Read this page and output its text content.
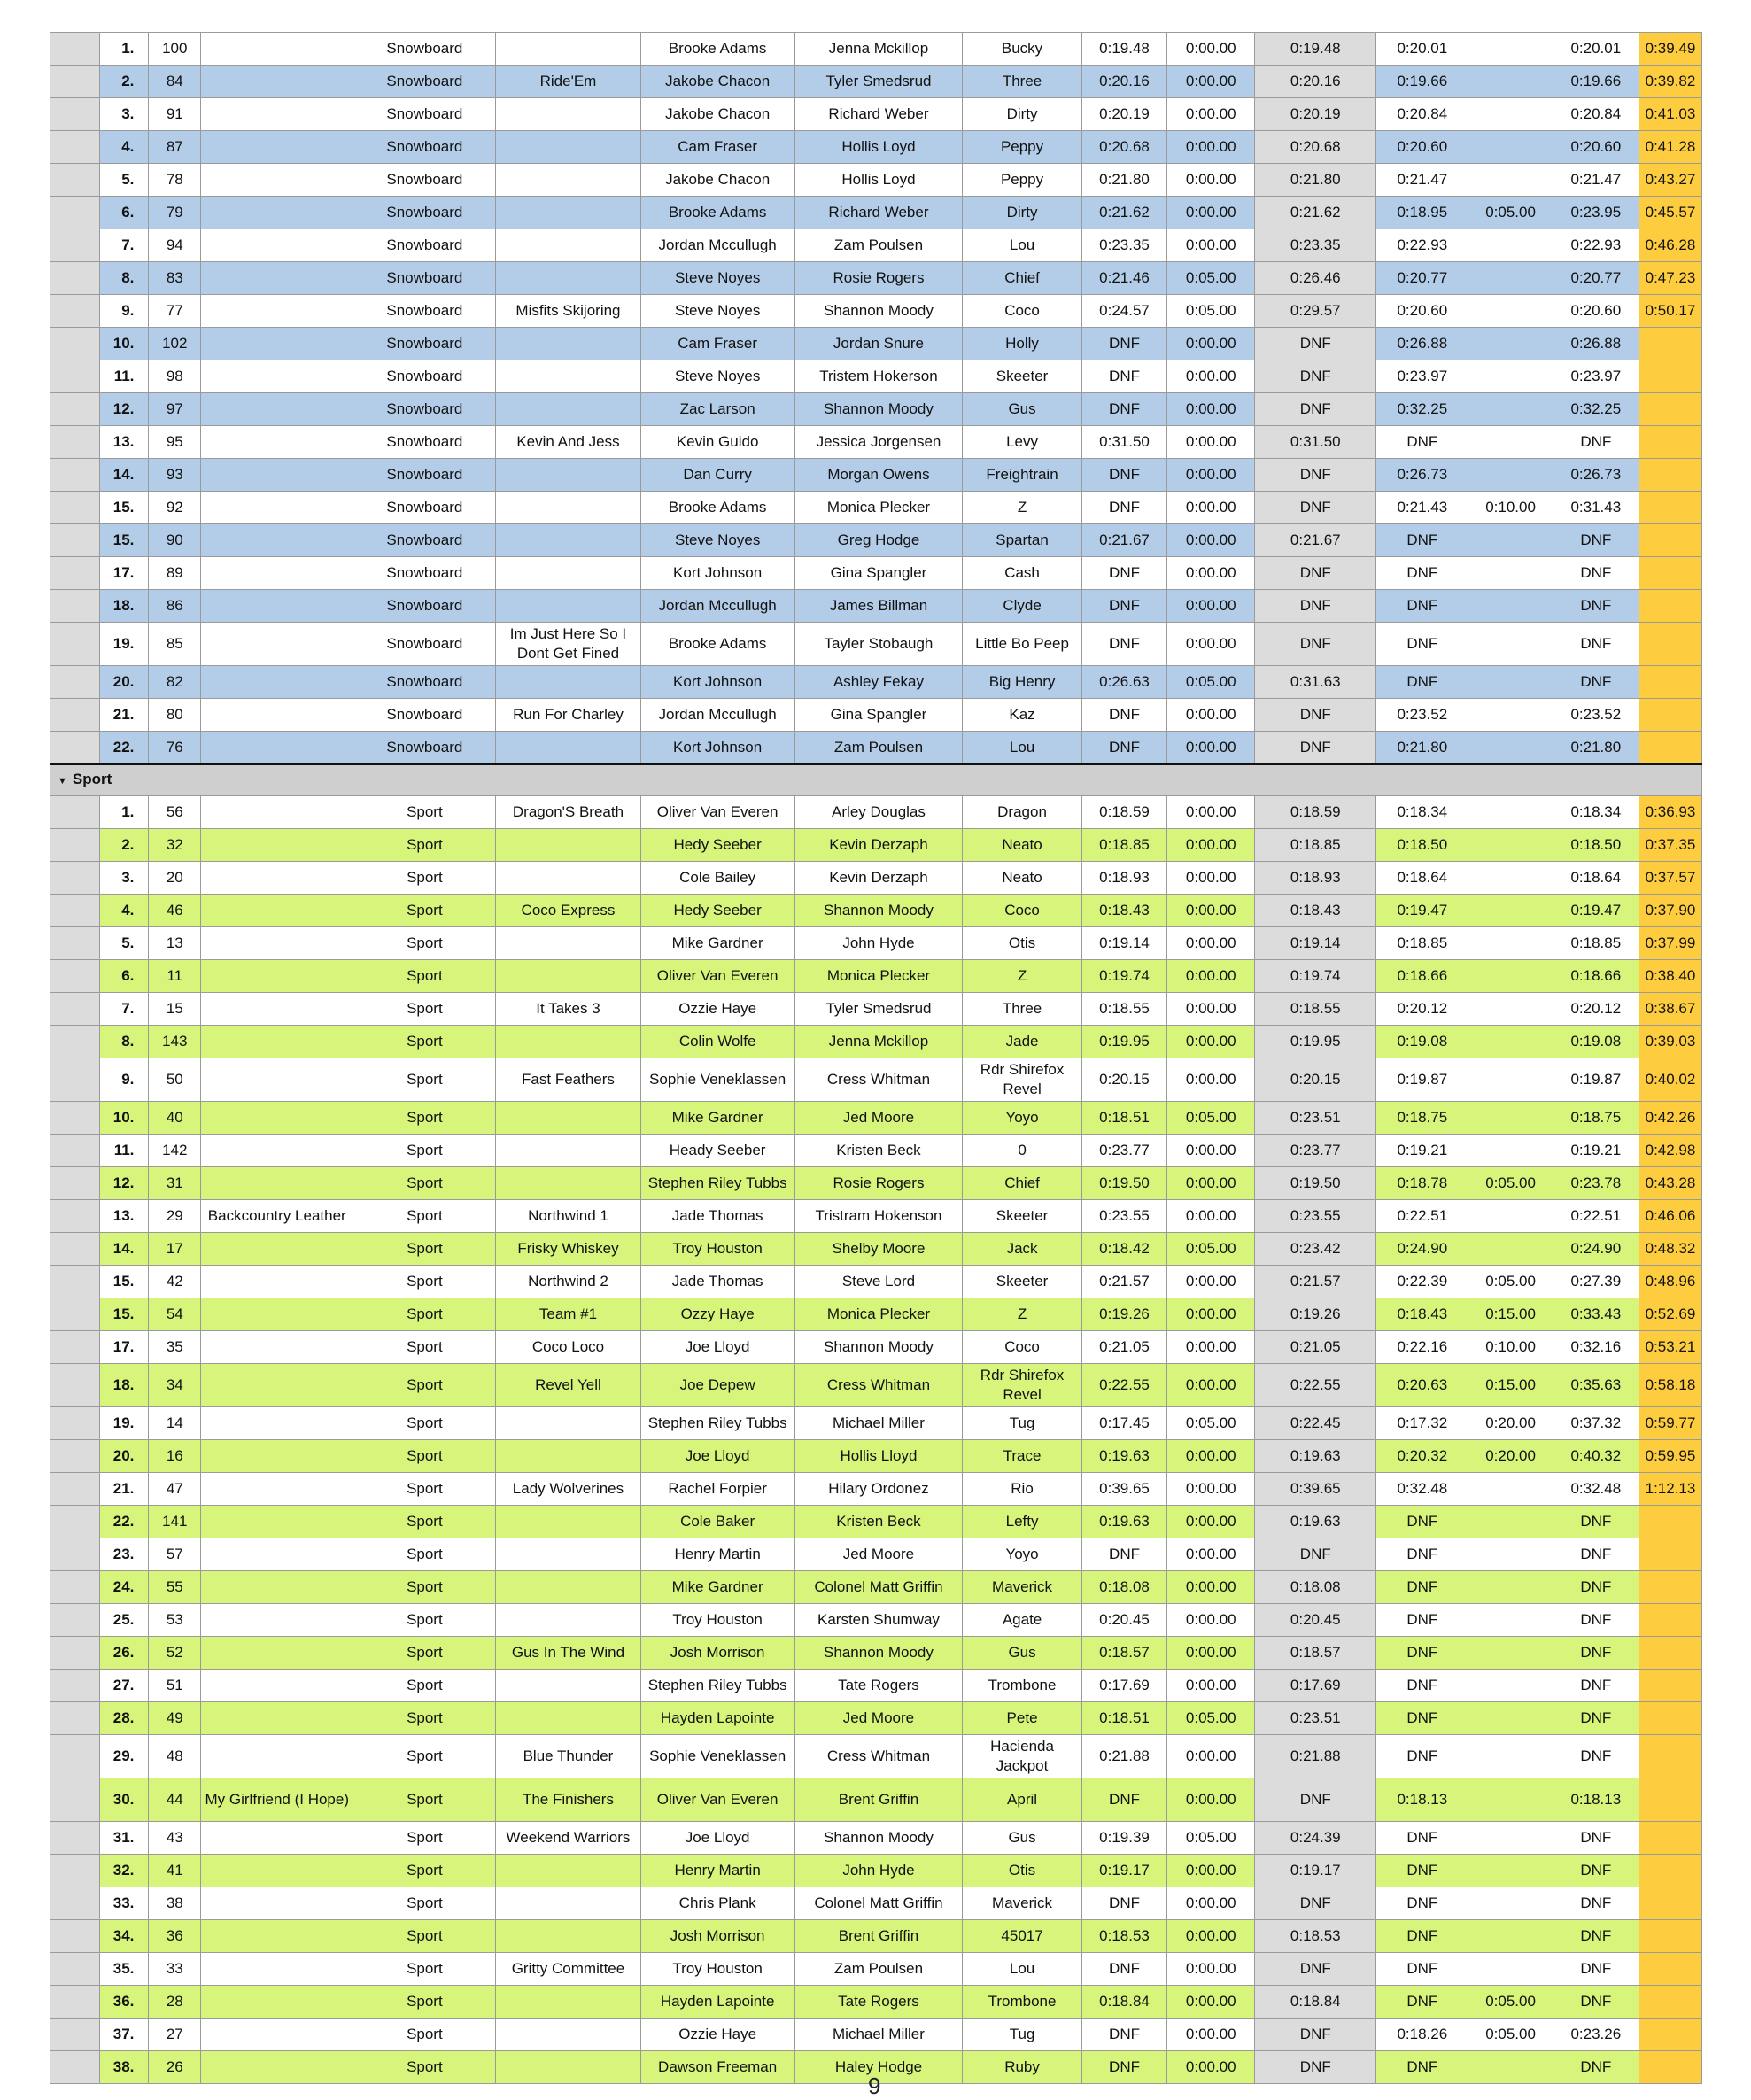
	1.	100		Snowboard		Brooke Adams	Jenna Mckillop	Bucky	0:19.48	0:00.00	0:19.48	0:20.01		0:20.01	0:39.49
	2.	84		Snowboard	Ride'Em	Jakobe Chacon	Tyler Smedsrud	Three	0:20.16	0:00.00	0:20.16	0:19.66		0:19.66	0:39.82
	3.	91		Snowboard		Jakobe Chacon	Richard Weber	Dirty	0:20.19	0:00.00	0:20.19	0:20.84		0:20.84	0:41.03
	4.	87		Snowboard		Cam Fraser	Hollis Loyd	Peppy	0:20.68	0:00.00	0:20.68	0:20.60		0:20.60	0:41.28
	5.	78		Snowboard		Jakobe Chacon	Hollis Loyd	Peppy	0:21.80	0:00.00	0:21.80	0:21.47		0:21.47	0:43.27
	6.	79		Snowboard		Brooke Adams	Richard Weber	Dirty	0:21.62	0:00.00	0:21.62	0:18.95	0:05.00	0:23.95	0:45.57
	7.	94		Snowboard		Jordan Mccullugh	Zam Poulsen	Lou	0:23.35	0:00.00	0:23.35	0:22.93		0:22.93	0:46.28
	8.	83		Snowboard		Steve Noyes	Rosie Rogers	Chief	0:21.46	0:05.00	0:26.46	0:20.77		0:20.77	0:47.23
	9.	77		Snowboard	Misfits Skijoring	Steve Noyes	Shannon Moody	Coco	0:24.57	0:05.00	0:29.57	0:20.60		0:20.60	0:50.17
	10.	102		Snowboard		Cam Fraser	Jordan Snure	Holly	DNF	0:00.00	DNF	0:26.88		0:26.88	
	11.	98		Snowboard		Steve Noyes	Tristem Hokerson	Skeeter	DNF	0:00.00	DNF	0:23.97		0:23.97	
	12.	97		Snowboard		Zac Larson	Shannon Moody	Gus	DNF	0:00.00	DNF	0:32.25		0:32.25	
	13.	95		Snowboard	Kevin And Jess	Kevin Guido	Jessica Jorgensen	Levy	0:31.50	0:00.00	0:31.50	DNF		DNF	
	14.	93		Snowboard		Dan Curry	Morgan Owens	Freightrain	DNF	0:00.00	DNF	0:26.73		0:26.73	
	15.	92		Snowboard		Brooke Adams	Monica Plecker	Z	DNF	0:00.00	DNF	0:21.43	0:10.00	0:31.43	
	15.	90		Snowboard		Steve Noyes	Greg Hodge	Spartan	0:21.67	0:00.00	0:21.67	DNF		DNF	
	17.	89		Snowboard		Kort Johnson	Gina Spangler	Cash	DNF	0:00.00	DNF	DNF		DNF	
	18.	86		Snowboard		Jordan Mccullugh	James Billman	Clyde	DNF	0:00.00	DNF	DNF		DNF	
	19.	85		Snowboard	Im Just Here So I Dont Get Fined	Brooke Adams	Tayler Stobaugh	Little Bo Peep	DNF	0:00.00	DNF	DNF		DNF	
	20.	82		Snowboard		Kort Johnson	Ashley Fekay	Big Henry	0:26.63	0:05.00	0:31.63	DNF		DNF	
	21.	80		Snowboard	Run For Charley	Jordan Mccullugh	Gina Spangler	Kaz	DNF	0:00.00	DNF	0:23.52		0:23.52	
	22.	76		Snowboard		Kort Johnson	Zam Poulsen	Lou	DNF	0:00.00	DNF	0:21.80		0:21.80	
▼ Sport															
	1.	56		Sport	Dragon'S Breath	Oliver Van Everen	Arley Douglas	Dragon	0:18.59	0:00.00	0:18.59	0:18.34		0:18.34	0:36.93
	2.	32		Sport		Hedy Seeber	Kevin Derzaph	Neato	0:18.85	0:00.00	0:18.85	0:18.50		0:18.50	0:37.35
	3.	20		Sport		Cole Bailey	Kevin Derzaph	Neato	0:18.93	0:00.00	0:18.93	0:18.64		0:18.64	0:37.57
	4.	46		Sport	Coco Express	Hedy Seeber	Shannon Moody	Coco	0:18.43	0:00.00	0:18.43	0:19.47		0:19.47	0:37.90
	5.	13		Sport		Mike Gardner	John Hyde	Otis	0:19.14	0:00.00	0:19.14	0:18.85		0:18.85	0:37.99
	6.	11		Sport		Oliver Van Everen	Monica Plecker	Z	0:19.74	0:00.00	0:19.74	0:18.66		0:18.66	0:38.40
	7.	15		Sport	It Takes 3	Ozzie Haye	Tyler Smedsrud	Three	0:18.55	0:00.00	0:18.55	0:20.12		0:20.12	0:38.67
	8.	143		Sport		Colin Wolfe	Jenna Mckillop	Jade	0:19.95	0:00.00	0:19.95	0:19.08		0:19.08	0:39.03
	9.	50		Sport	Fast Feathers	Sophie Veneklassen	Cress Whitman	Rdr Shirefox Revel	0:20.15	0:00.00	0:20.15	0:19.87		0:19.87	0:40.02
	10.	40		Sport		Mike Gardner	Jed Moore	Yoyo	0:18.51	0:05.00	0:23.51	0:18.75		0:18.75	0:42.26
	11.	142		Sport		Heady Seeber	Kristen Beck	0	0:23.77	0:00.00	0:23.77	0:19.21		0:19.21	0:42.98
	12.	31		Sport		Stephen Riley Tubbs	Rosie Rogers	Chief	0:19.50	0:00.00	0:19.50	0:18.78	0:05.00	0:23.78	0:43.28
	13.	29	Backcountry Leather	Sport	Northwind 1	Jade Thomas	Tristram Hokenson	Skeeter	0:23.55	0:00.00	0:23.55	0:22.51		0:22.51	0:46.06
	14.	17		Sport	Frisky Whiskey	Troy Houston	Shelby Moore	Jack	0:18.42	0:05.00	0:23.42	0:24.90		0:24.90	0:48.32
	15.	42		Sport	Northwind 2	Jade Thomas	Steve Lord	Skeeter	0:21.57	0:00.00	0:21.57	0:22.39	0:05.00	0:27.39	0:48.96
	15.	54		Sport	Team #1	Ozzy Haye	Monica Plecker	Z	0:19.26	0:00.00	0:19.26	0:18.43	0:15.00	0:33.43	0:52.69
	17.	35		Sport	Coco Loco	Joe Lloyd	Shannon Moody	Coco	0:21.05	0:00.00	0:21.05	0:22.16	0:10.00	0:32.16	0:53.21
	18.	34		Sport	Revel Yell	Joe Depew	Cress Whitman	Rdr Shirefox Revel	0:22.55	0:00.00	0:22.55	0:20.63	0:15.00	0:35.63	0:58.18
	19.	14		Sport		Stephen Riley Tubbs	Michael Miller	Tug	0:17.45	0:05.00	0:22.45	0:17.32	0:20.00	0:37.32	0:59.77
	20.	16		Sport		Joe Lloyd	Hollis Lloyd	Trace	0:19.63	0:00.00	0:19.63	0:20.32	0:20.00	0:40.32	0:59.95
	21.	47		Sport	Lady Wolverines	Rachel Forpier	Hilary Ordonez	Rio	0:39.65	0:00.00	0:39.65	0:32.48		0:32.48	1:12.13
	22.	141		Sport		Cole Baker	Kristen Beck	Lefty	0:19.63	0:00.00	0:19.63	DNF		DNF	
	23.	57		Sport		Henry Martin	Jed Moore	Yoyo	DNF	0:00.00	DNF	DNF		DNF	
	24.	55		Sport		Mike Gardner	Colonel Matt Griffin	Maverick	0:18.08	0:00.00	0:18.08	DNF		DNF	
	25.	53		Sport		Troy Houston	Karsten Shumway	Agate	0:20.45	0:00.00	0:20.45	DNF		DNF	
	26.	52		Sport	Gus In The Wind	Josh Morrison	Shannon Moody	Gus	0:18.57	0:00.00	0:18.57	DNF		DNF	
	27.	51		Sport		Stephen Riley Tubbs	Tate Rogers	Trombone	0:17.69	0:00.00	0:17.69	DNF		DNF	
	28.	49		Sport		Hayden Lapointe	Jed Moore	Pete	0:18.51	0:05.00	0:23.51	DNF		DNF	
	29.	48		Sport	Blue Thunder	Sophie Veneklassen	Cress Whitman	Hacienda Jackpot	0:21.88	0:00.00	0:21.88	DNF		DNF	
	30.	44	My Girlfriend (I Hope)	Sport	The Finishers	Oliver Van Everen	Brent Griffin	April	DNF	0:00.00	DNF	0:18.13		0:18.13	
	31.	43		Sport	Weekend Warriors	Joe Lloyd	Shannon Moody	Gus	0:19.39	0:05.00	0:24.39	DNF		DNF	
	32.	41		Sport		Henry Martin	John Hyde	Otis	0:19.17	0:00.00	0:19.17	DNF		DNF	
	33.	38		Sport		Chris Plank	Colonel Matt Griffin	Maverick	DNF	0:00.00	DNF	DNF		DNF	
	34.	36		Sport		Josh Morrison	Brent Griffin	45017	0:18.53	0:00.00	0:18.53	DNF		DNF	
	35.	33		Sport	Gritty Committee	Troy Houston	Zam Poulsen	Lou	DNF	0:00.00	DNF	DNF		DNF	
	36.	28		Sport		Hayden Lapointe	Tate Rogers	Trombone	0:18.84	0:00.00	0:18.84	DNF	0:05.00	DNF	
	37.	27		Sport		Ozzie Haye	Michael Miller	Tug	DNF	0:00.00	DNF	0:18.26	0:05.00	0:23.26	
	38.	26		Sport		Dawson Freeman	Haley Hodge	Ruby	DNF	0:00.00	DNF	DNF		DNF	
9
